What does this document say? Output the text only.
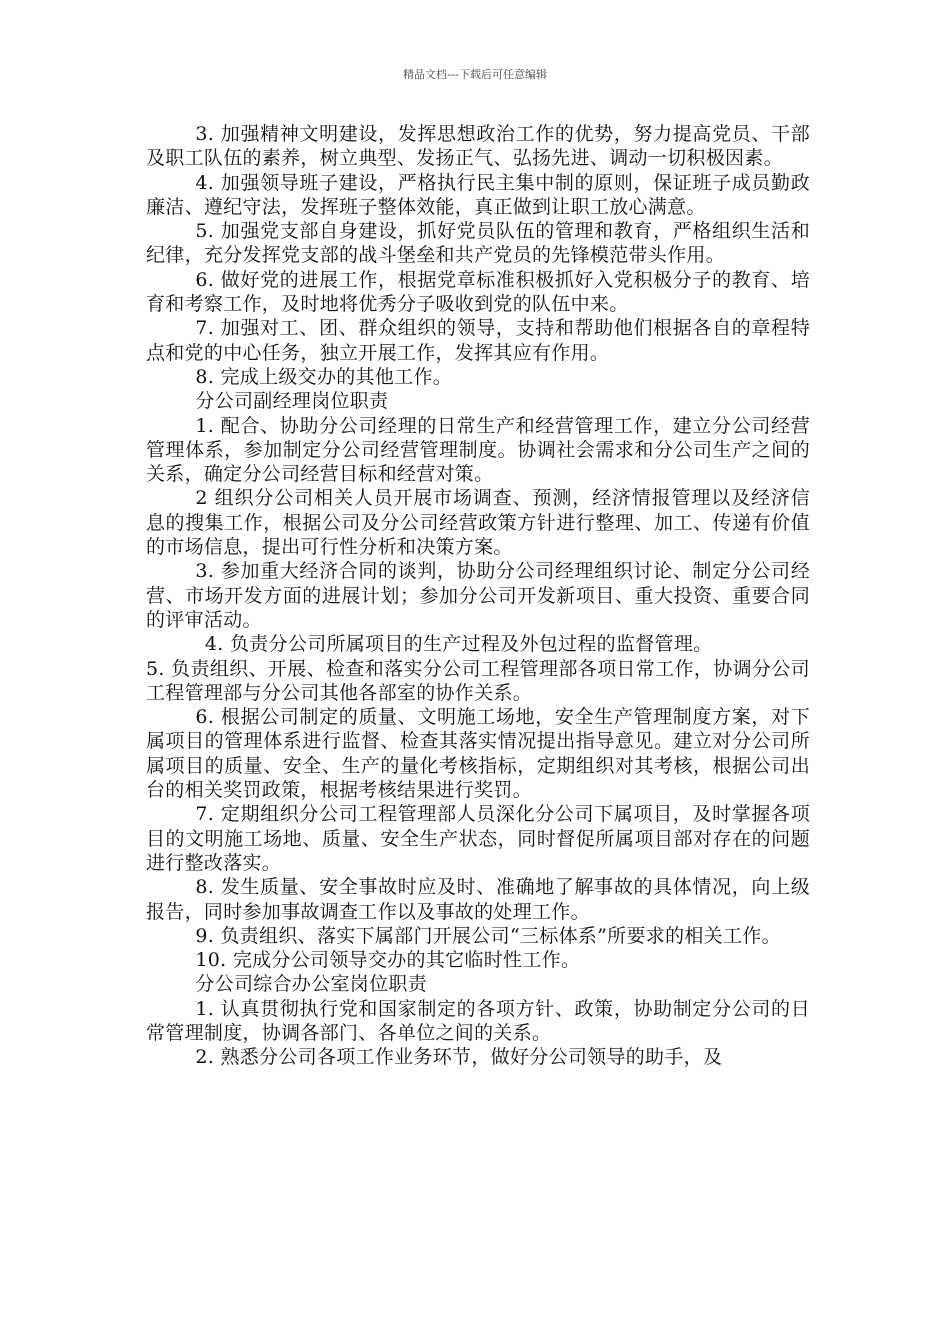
精品文档---下载后可任意编辑

3. 加强精神文明建设，发挥思想政治工作的优势，努力提高党员、干部及职工队伍的素养，树立典型、发扬正气、弘扬先进、调动一切积极因素。

4. 加强领导班子建设，严格执行民主集中制的原则，保证班子成员勤政廉洁、遵纪守法，发挥班子整体效能，真正做到让职工放心满意。

5. 加强党支部自身建设，抓好党员队伍的管理和教育，严格组织生活和纪律，充分发挥党支部的战斗堡垒和共产党员的先锋模范带头作用。

6. 做好党的进展工作，根据党章标准积极抓好入党积极分子的教育、培育和考察工作，及时地将优秀分子吸收到党的队伍中来。

7. 加强对工、团、群众组织的领导，支持和帮助他们根据各自的章程特点和党的中心任务，独立开展工作，发挥其应有作用。

8. 完成上级交办的其他工作。

分公司副经理岗位职责

1. 配合、协助分公司经理的日常生产和经营管理工作，建立分公司经营管理体系，参加制定分公司经营管理制度。协调社会需求和分公司生产之间的关系，确定分公司经营目标和经营对策。

2 组织分公司相关人员开展市场调查、预测，经济情报管理以及经济信息的搜集工作，根据公司及分公司经营政策方针进行整理、加工、传递有价值的市场信息，提出可行性分析和决策方案。

3. 参加重大经济合同的谈判，协助分公司经理组织讨论、制定分公司经营、市场开发方面的进展计划；参加分公司开发新项目、重大投资、重要合同的评审活动。

4. 负责分公司所属项目的生产过程及外包过程的监督管理。

5. 负责组织、开展、检查和落实分公司工程管理部各项日常工作，协调分公司工程管理部与分公司其他各部室的协作关系。

6. 根据公司制定的质量、文明施工场地，安全生产管理制度方案，对下属项目的管理体系进行监督、检查其落实情况提出指导意见。建立对分公司所属项目的质量、安全、生产的量化考核指标，定期组织对其考核，根据公司出台的相关奖罚政策，根据考核结果进行奖罚。

7. 定期组织分公司工程管理部人员深化分公司下属项目，及时掌握各项目的文明施工场地、质量、安全生产状态，同时督促所属项目部对存在的问题进行整改落实。

8. 发生质量、安全事故时应及时、准确地了解事故的具体情况，向上级报告，同时参加事故调查工作以及事故的处理工作。

9. 负责组织、落实下属部门开展公司“三标体系”所要求的相关工作。

10. 完成分公司领导交办的其它临时性工作。

分公司综合办公室岗位职责

1. 认真贯彻执行党和国家制定的各项方针、政策，协助制定分公司的日常管理制度，协调各部门、各单位之间的关系。

2. 熟悉分公司各项工作业务环节，做好分公司领导的助手，及
